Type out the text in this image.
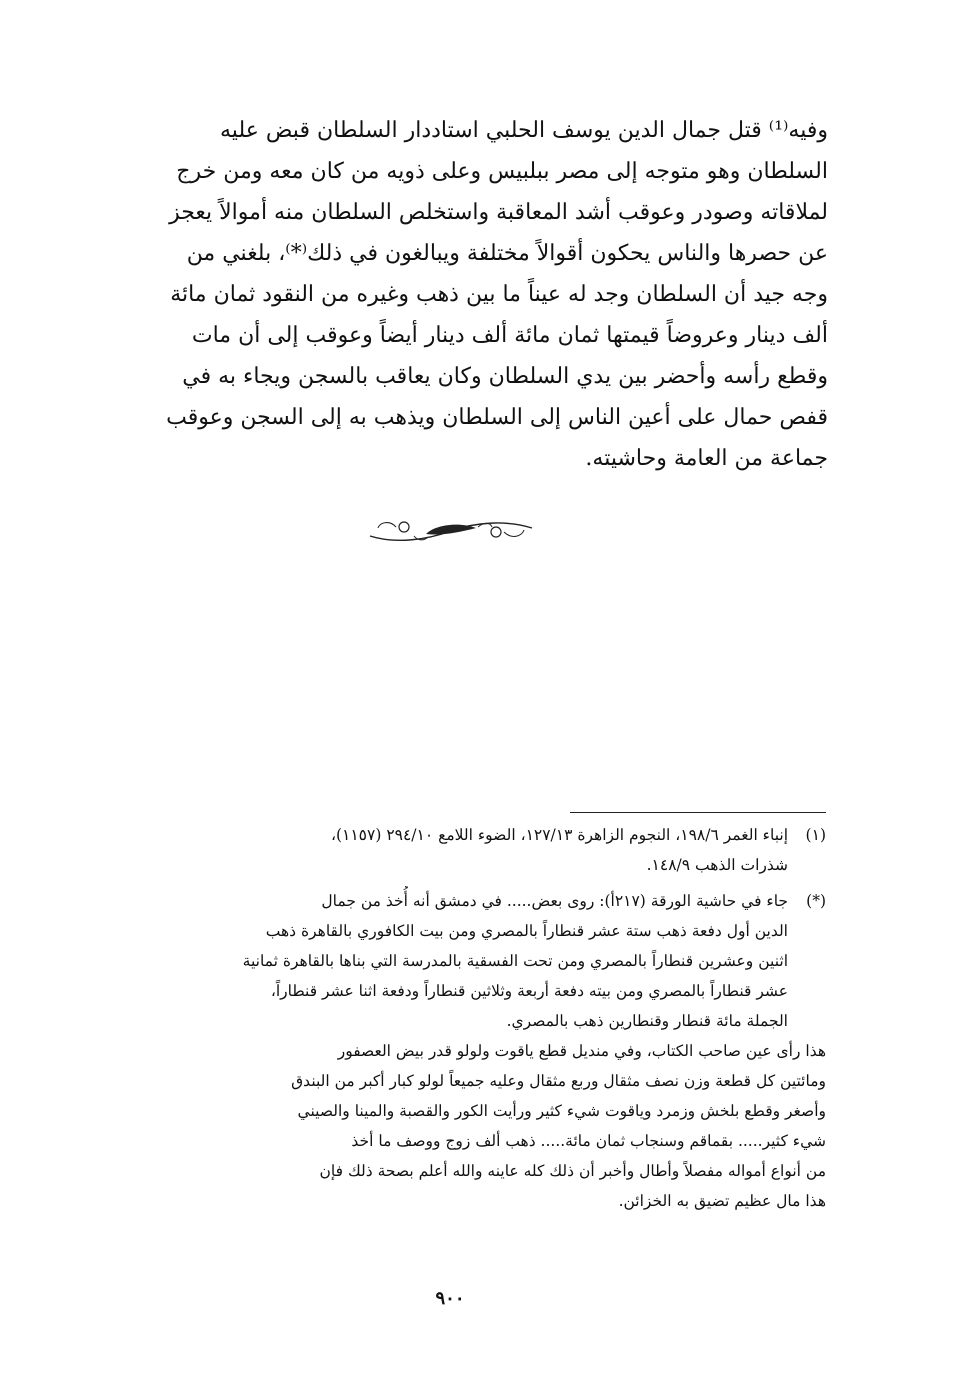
وفيه⁽¹⁾ قتل جمال الدين يوسف الحلبي استاددار السلطان قبض عليه
السلطان وهو متوجه إلى مصر ببلبيس وعلى ذويه من كان معه ومن خرج
لملاقاته وصودر وعوقب أشد المعاقبة واستخلص السلطان منه أموالاً يعجز
عن حصرها والناس يحكون أقوالاً مختلفة ويبالغون في ذلك⁽*⁾، بلغني من
وجه جيد أن السلطان وجد له عيناً ما بين ذهب وغيره من النقود ثمان مائة
ألف دينار وعروضاً قيمتها ثمان مائة ألف دينار أيضاً وعوقب إلى أن مات
وقطع رأسه وأحضر بين يدي السلطان وكان يعاقب بالسجن ويجاء به في
قفص حمال على أعين الناس إلى السلطان ويذهب به إلى السجن وعوقب
جماعة من العامة وحاشيته.
(١)إنباء الغمر ١٩٨/٦، النجوم الزاهرة ١٢٧/١٣، الضوء اللامع ٢٩٤/١٠ (١١٥٧)،
شذرات الذهب ١٤٨/٩.
(*)جاء في حاشية الورقة (٢١٧أ): روى بعض..... في دمشق أنه أُخذ من جمال
الدين أول دفعة ذهب ستة عشر قنطاراً بالمصري ومن بيت الكافوري بالقاهرة ذهب
اثنين وعشرين قنطاراً بالمصري ومن تحت الفسقية بالمدرسة التي بناها بالقاهرة ثمانية
عشر قنطاراً بالمصري ومن بيته دفعة أربعة وثلاثين قنطاراً ودفعة اثنا عشر قنطاراً،
الجملة مائة قنطار وقنطارين ذهب بالمصري.
هذا رأى عين صاحب الكتاب، وفي منديل قطع ياقوت ولولو قدر بيض العصفور
ومائتين كل قطعة وزن نصف مثقال وربع مثقال وعليه جميعاً لولو كبار أكبر من البندق
وأصغر وقطع بلخش وزمرد وياقوت شيء كثير ورأيت الكور والقصبة والمينا والصيني
شيء كثير..... بقماقم وسنجاب ثمان مائة..... ذهب ألف زوج ووصف ما أخذ
من أنواع أمواله مفصلاً وأطال وأخبر أن ذلك كله عاينه والله أعلم بصحة ذلك فإن
هذا مال عظيم تضيق به الخزائن.
٩٠٠
